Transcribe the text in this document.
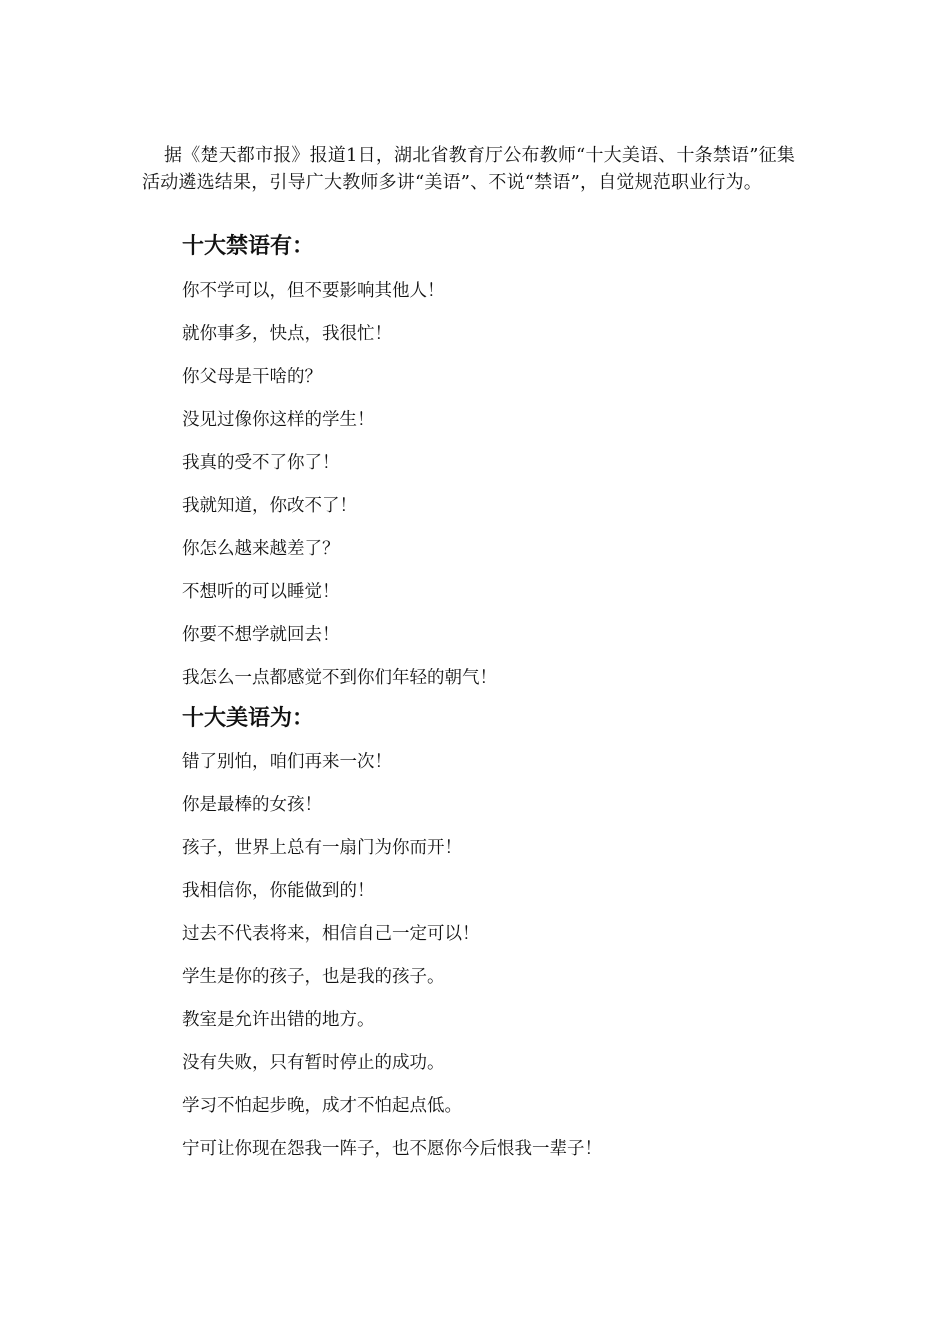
据《楚天都市报》报道1日，湖北省教育厅公布教师“十大美语、十条禁语”征集活动遴选结果，引导广大教师多讲“美语”、不说“禁语”，自觉规范职业行为。

十大禁语有：
你不学可以，但不要影响其他人！
就你事多，快点，我很忙！
你父母是干啥的？
没见过像你这样的学生！
我真的受不了你了！
我就知道，你改不了！
你怎么越来越差了？
不想听的可以睡觉！
你要不想学就回去！
我怎么一点都感觉不到你们年轻的朝气！
十大美语为：
错了别怕，咱们再来一次！
你是最棒的女孩！
孩子，世界上总有一扇门为你而开！
我相信你，你能做到的！
过去不代表将来，相信自己一定可以！
学生是你的孩子，也是我的孩子。
教室是允许出错的地方。
没有失败，只有暂时停止的成功。
学习不怕起步晚，成才不怕起点低。
宁可让你现在怨我一阵子，也不愿你今后恨我一辈子！
